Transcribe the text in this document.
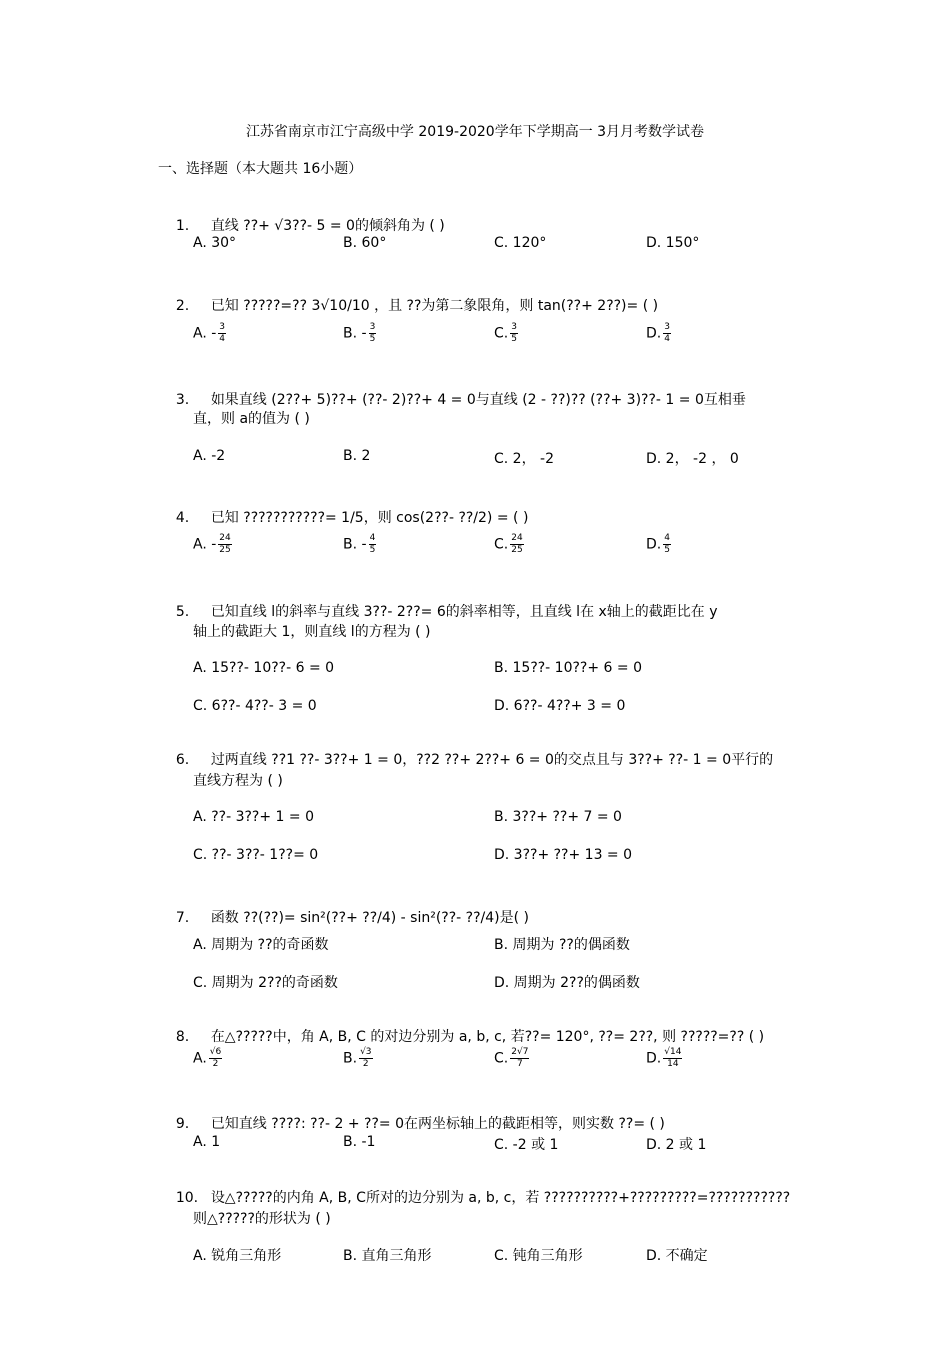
江苏省南京市江宁高级中学 2019-2020学年下学期高一 3月月考数学试卷
一、选择题（本大题共 16小题）

1. 直线 ??+ √3??- 5 = 0的倾斜角为 ( )

A. 30°	B. 60°	C. 120°	D. 150°

2. 已知 ?????=?? 3√10/10 ，且 ??为第二象限角，则 tan(??+ 2??)= ( )

A. - $\frac{3}{4}$	B. - $\frac{3}{5}$	C. $\frac{3}{5}$	D. $\frac{3}{4}$

3. 如果直线 (2??+ 5)??+ (??- 2)??+ 4 = 0与直线 (2 - ??)?? (??+ 3)??- 1 = 0互相垂

直，则 a的值为 ( )
A. -2	B. 2	C. 2， -2	D. 2， -2 ， 0

4. 已知 ???????????= 1/5，则 cos(2??- ??/2) = ( )

A. - $\frac{24}{25}$	B. - $\frac{4}{5}$	C. $\frac{24}{25}$	D. $\frac{4}{5}$

5. 已知直线 l的斜率与直线 3??- 2??= 6的斜率相等，且直线 l在 x轴上的截距比在 y

轴上的截距大 1，则直线 l的方程为 ( )
A. 15??- 10??- 6 = 0	B. 15??- 10??+ 6 = 0
C. 6??- 4??- 3 = 0	D. 6??- 4??+ 3 = 0

6. 过两直线 ??1 ??- 3??+ 1 = 0，??2 ??+ 2??+ 6 = 0的交点且与 3??+ ??- 1 = 0平行的

直线方程为 ( )
A. ??- 3??+ 1 = 0	B. 3??+ ??+ 7 = 0
C. ??- 3??- 1??= 0	D. 3??+ ??+ 13 = 0

7. 函数 ??(??)= sin²(??+ ??/4) - sin²(??- ??/4)是( )

A. 周期为 ??的奇函数	B. 周期为 ??的偶函数
C. 周期为 2??的奇函数	D. 周期为 2??的偶函数

8. 在△?????中，角 A, B, C 的对边分别为 a, b, c, 若??= 120°, ??= 2??, 则 ?????=?? ( )

A. $\frac{√6}{2}$	B. $\frac{√3}{2}$	C. $\frac{2√7}{7}$	D. $\frac{√14}{14}$

9. 已知直线 ????: ??- 2 + ??= 0在两坐标轴上的截距相等，则实数 ??= ( )

A. 1	B. -1	C. -2 或 1	D. 2 或 1

10. 设△?????的内角 A, B, C所对的边分别为 a, b, c，若 ??????????+?????????=???????????

则△?????的形状为 ( )
A. 锐角三角形	B. 直角三角形	C. 钝角三角形	D. 不确定
